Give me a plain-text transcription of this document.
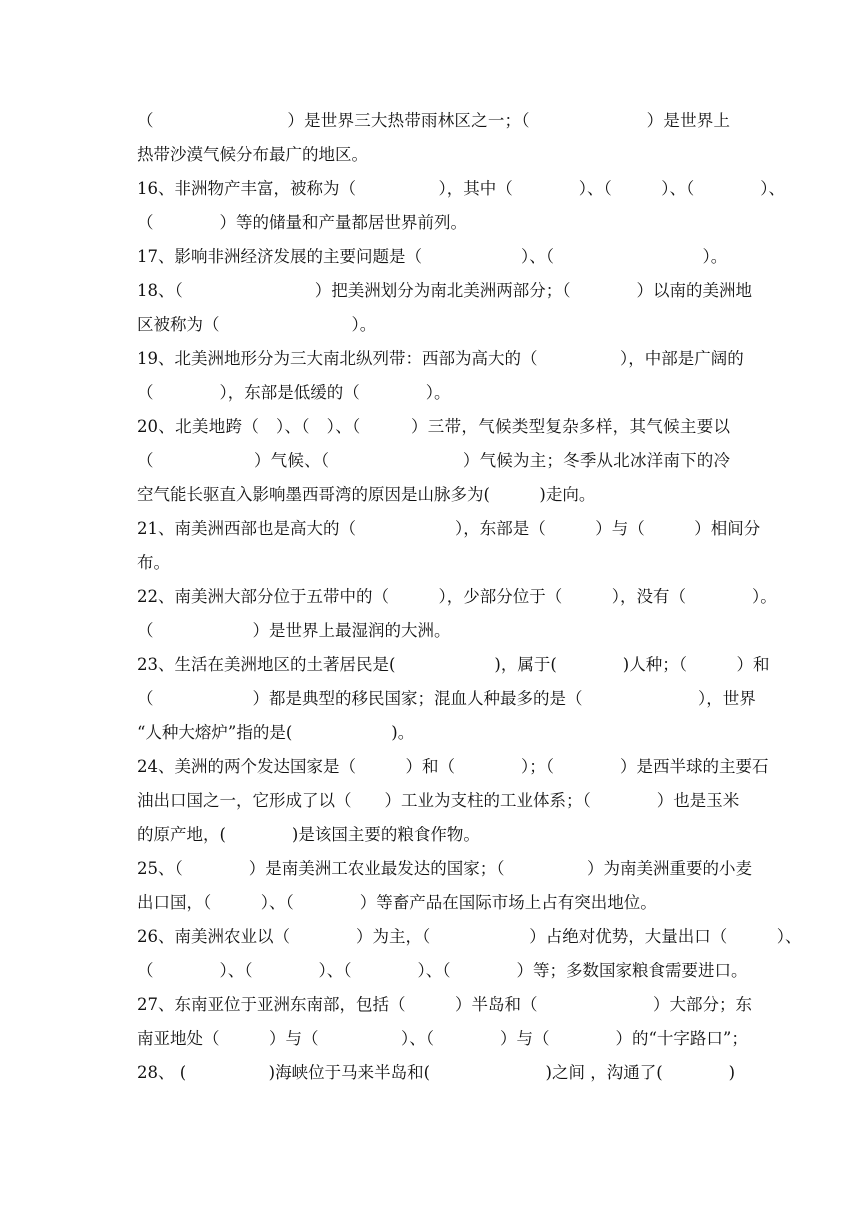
（　　　　　　　　）是世界三大热带雨林区之一；（　　　　　　　）是世界上
热带沙漠气候分布最广的地区。
16、非洲物产丰富，被称为（　　　　　），其中（　　　　）、（　　　）、（　　　　）、
（　　　　）等的储量和产量都居世界前列。
17、影响非洲经济发展的主要问题是（　　　　　　）、（　　　　　　　　　）。
18、（　　　　　　　　）把美洲划分为南北美洲两部分；（　　　　）以南的美洲地
区被称为（　　　　　　　　）。
19、北美洲地形分为三大南北纵列带：西部为高大的（　　　　　），中部是广阔的
（　　　　），东部是低缓的（　　　　）。
20、北美地跨（　）、（　）、（　　　）三带，气候类型复杂多样，其气候主要以
（　　　　　　）气候、（　　　　　　　　）气候为主；冬季从北冰洋南下的冷
空气能长驱直入影响墨西哥湾的原因是山脉多为(　　　)走向。
21、南美洲西部也是高大的（　　　　　　），东部是（　　　）与（　　　）相间分
布。
22、南美洲大部分位于五带中的（　　　），少部分位于（　　　），没有（　　　　）。
（　　　　　　）是世界上最湿润的大洲。
23、生活在美洲地区的土著居民是(　　　　　　)，属于(　　　　)人种；（　　　）和
（　　　　　　）都是典型的移民国家；混血人种最多的是（　　　　　　　），世界
“人种大熔炉”指的是(　　　　　　)。
24、美洲的两个发达国家是（　　　）和（　　　　）；（　　　　）是西半球的主要石
油出口国之一，它形成了以（　　）工业为支柱的工业体系；（　　　　）也是玉米
的原产地，(　　　　)是该国主要的粮食作物。
25、（　　　　）是南美洲工农业最发达的国家；（　　　　　）为南美洲重要的小麦
出口国，（　　　）、（　　　　）等畜产品在国际市场上占有突出地位。
26、南美洲农业以（　　　　）为主，（　　　　　　）占绝对优势，大量出口（　　　）、
（　　　　）、（　　　　）、（　　　　）、（　　　　）等；多数国家粮食需要进口。
27、东南亚位于亚洲东南部，包括（　　　）半岛和（　　　　　　　）大部分；东
南亚地处（　　　）与（　　　　　）、（　　　　）与（　　　　）的“十字路口”；
28、 (　　　　　)海峡位于马来半岛和(　　　　　　　)之间 ，沟通了(　　　　)
